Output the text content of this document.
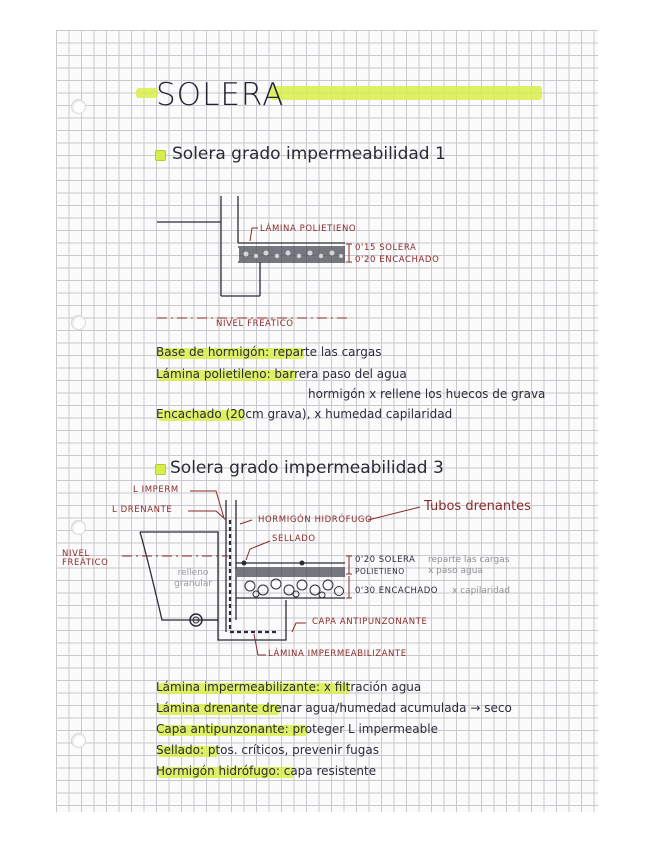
SOLERA
Solera grado impermeabilidad 1
LÁMINA POLIETIENO
0'15 SOLERA
0'20 ENCACHADO
NIVEL FREÁTICO
Base de hormigón: reparte las cargas
Lámina polietileno: barrera paso del agua
hormigón x rellene los huecos de grava
Encachado (20cm grava), x humedad capilaridad
Solera grado impermeabilidad 3
L IMPERM
L DRENANTE
HORMIGÓN HIDRÓFUGO
Tubos drenantes
SELLADO
NIVEL
FREÁTICO
relleno
granular
0'20 SOLERA
POLIETIENO
reparte las cargas
x paso agua
0'30 ENCACHADO x capilaridad
CAPA ANTIPUNZONANTE
LÁMINA IMPERMEABILIZANTE
Lámina impermeabilizante: x filtración agua
Lámina drenante drenar agua/humedad acumulada → seco
Capa antipunzonante: proteger L impermeable
Sellado: ptos. críticos, prevenir fugas
Hormigón hidrófugo: capa resistente
